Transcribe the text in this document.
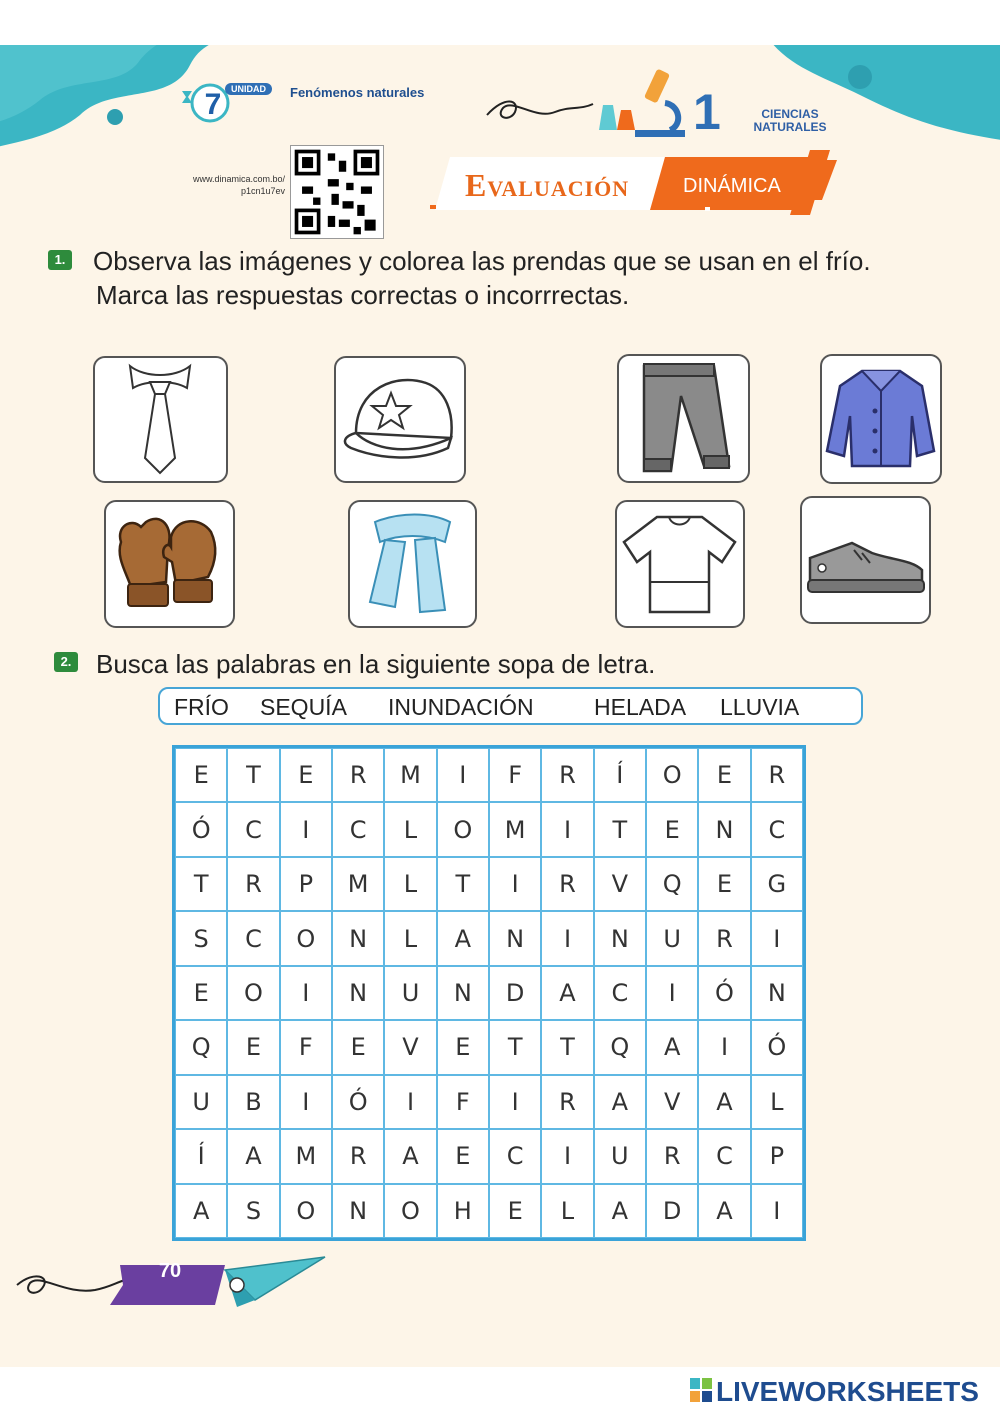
7	UNIDAD	Fenómenos naturales	1	CIENCIAS
NATURALES
www.dinamica.com.bo/
p1cn1u7ev	Evaluación	DINÁMICA
1. Observa las imágenes y colorea las prendas que se usan en el frío.
Marca las respuestas correctas o incorrrectas.
2. Busca las palabras en la siguiente sopa de letra.
FRÍO SEQUÍA INUNDACIÓN	HELADA LLUVIA
E	T	E	R	M	I	F	R	Í	O	E	R
Ó	C	I	C	L	O	M	I	T	E	N	C
T	R	P	M	L	T	I	R	V	Q	E	G
S	C	O	N	L	A	N	I	N	U	R	I
E	O	I	N	U	N	D	A	C	I	Ó	N
Q	E	F	E	V	E	T	T	Q	A	I	Ó
U	B	I	Ó	I	F	I	R	A	V	A	L
Í	A	M	R	A	E	C	I	U	R	C	P
A	S	O	N	O	H	E	L	A	D	A	I
70
LIVEWORKSHEETS
